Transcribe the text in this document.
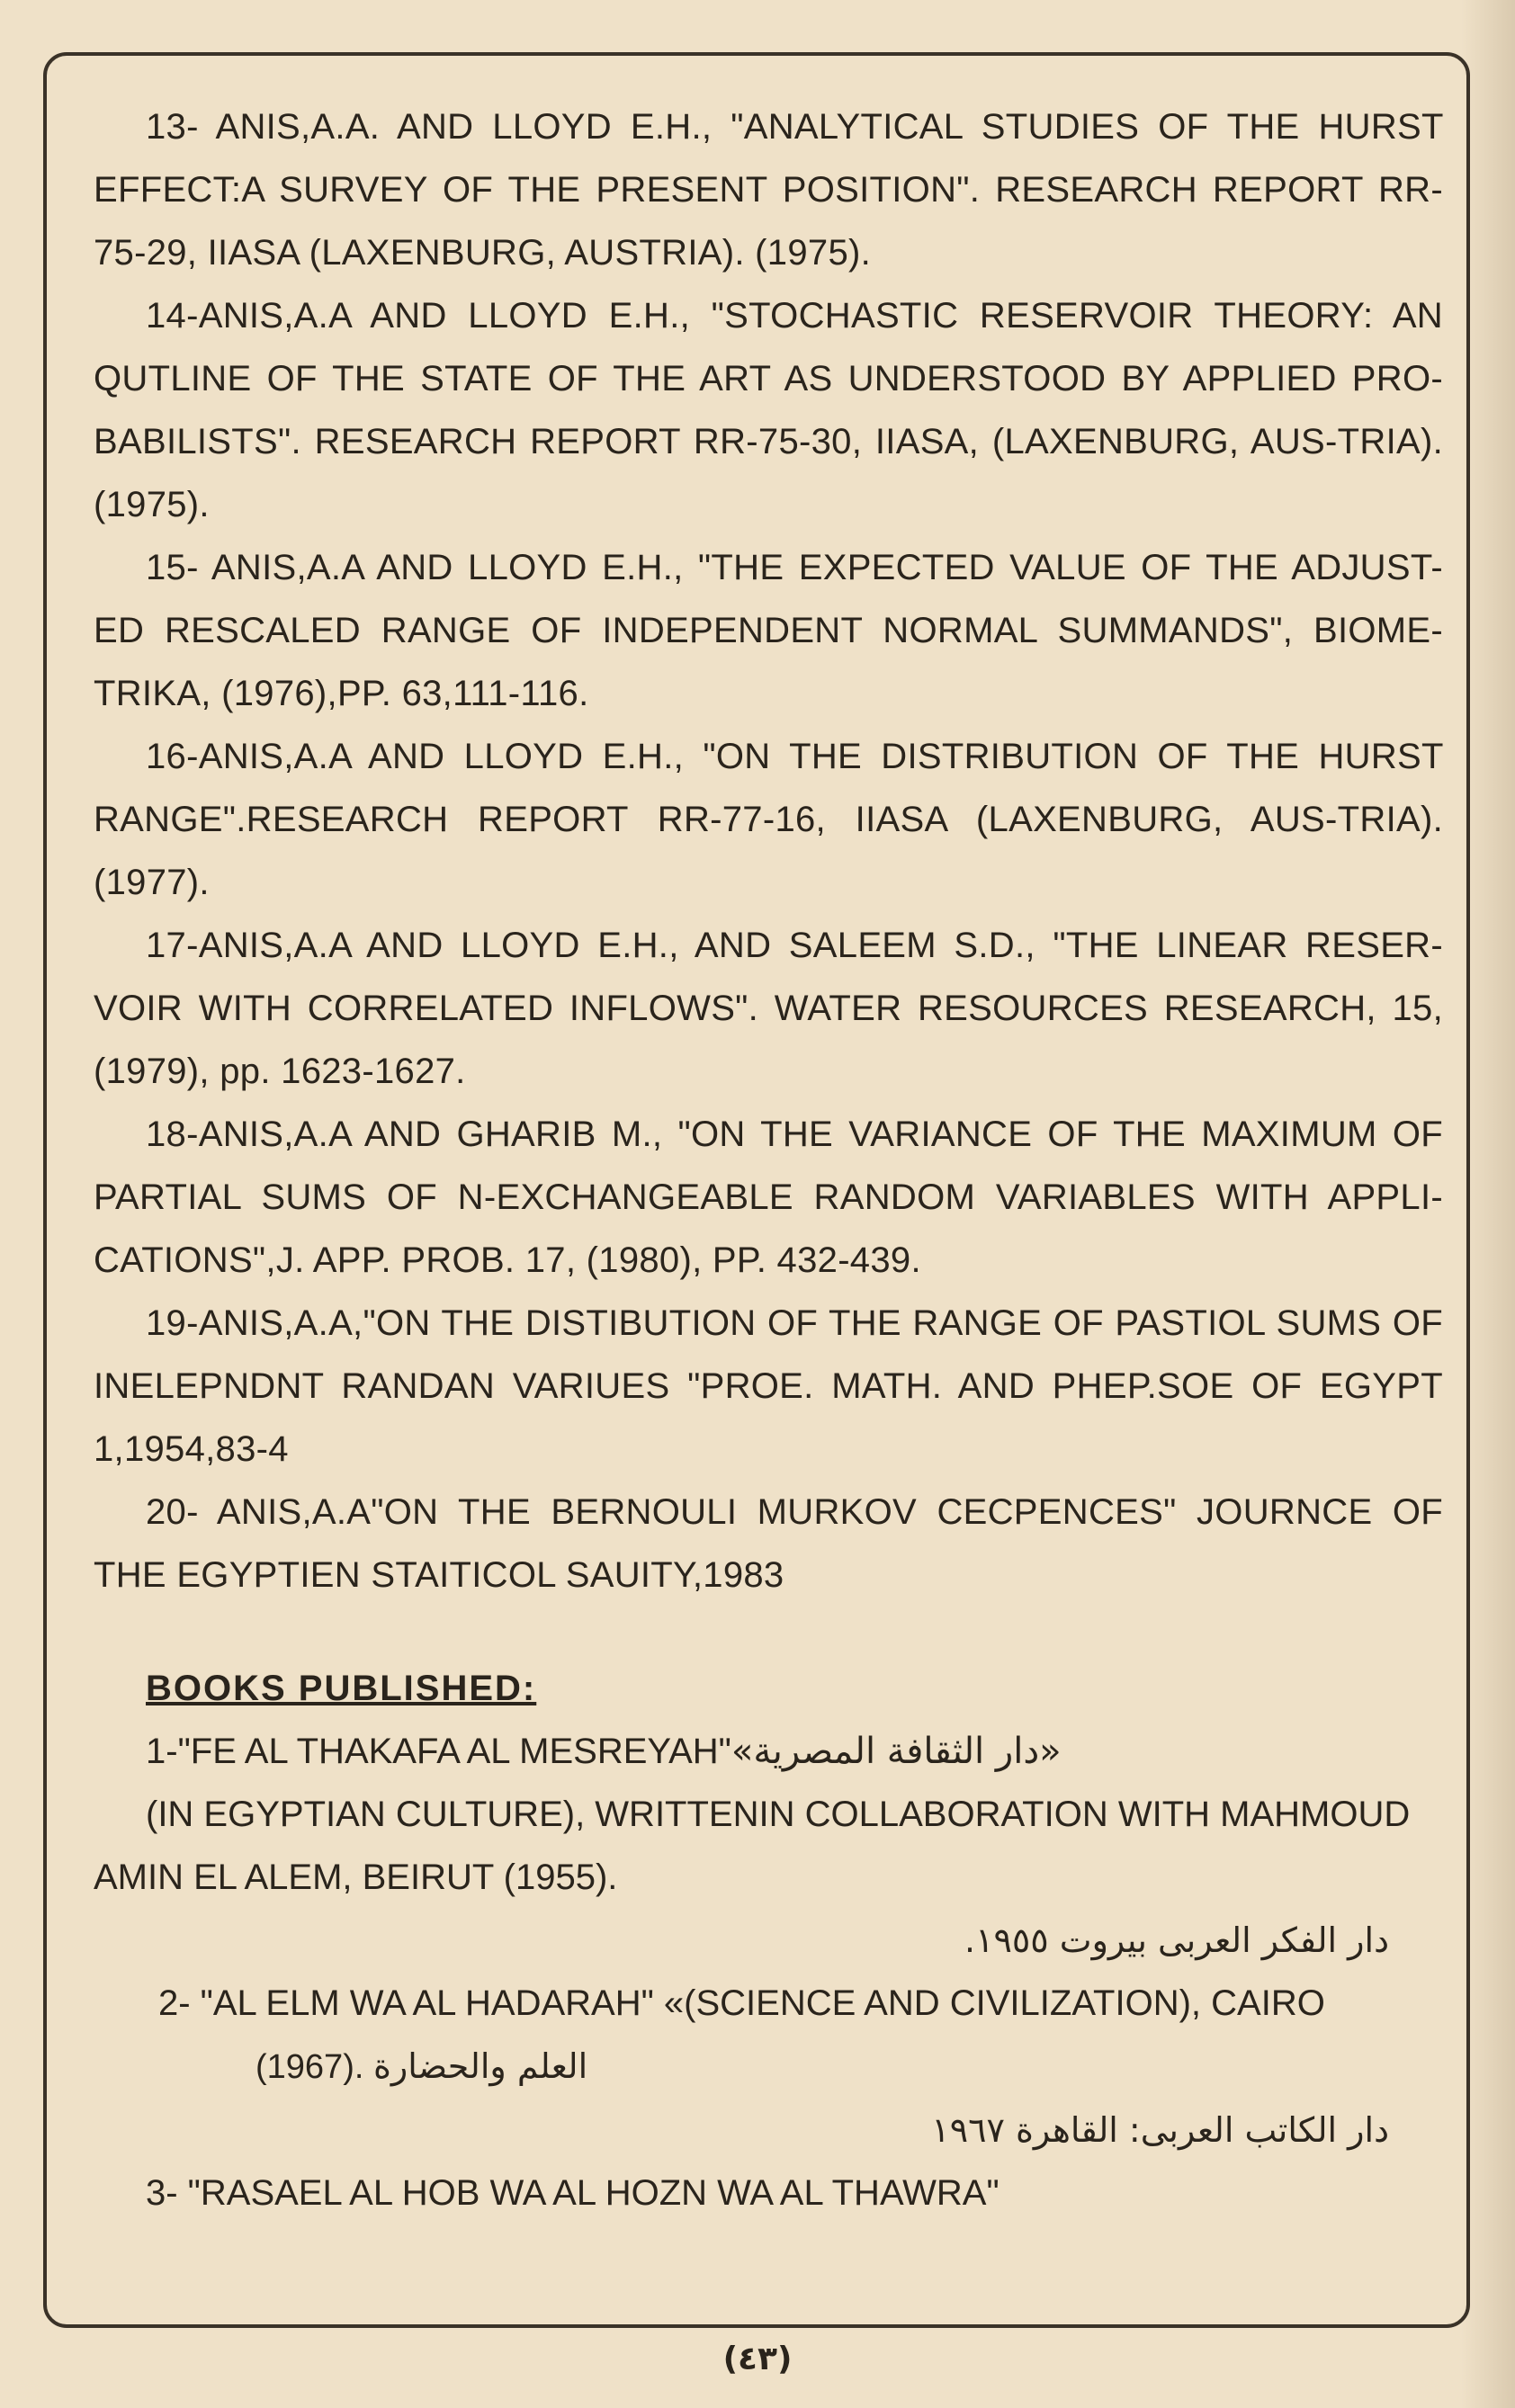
13- ANIS,A.A. AND LLOYD E.H., "ANALYTICAL STUDIES OF THE HURST EFFECT:A SURVEY OF THE PRESENT POSITION". RESEARCH REPORT RR-75-29, IIASA (LAXENBURG, AUSTRIA). (1975).

14-ANIS,A.A AND LLOYD E.H., "STOCHASTIC RESERVOIR THEORY: AN QUTLINE OF THE STATE OF THE ART AS UNDERSTOOD BY APPLIED PRO-BABILISTS". RESEARCH REPORT RR-75-30, IIASA, (LAXENBURG, AUS-TRIA). (1975).

15- ANIS,A.A AND LLOYD E.H., "THE EXPECTED VALUE OF THE ADJUST- ED RESCALED RANGE OF INDEPENDENT NORMAL SUMMANDS", BIOME-TRIKA, (1976),PP. 63,111-116.

16-ANIS,A.A AND LLOYD E.H., "ON THE DISTRIBUTION OF THE HURST RANGE".RESEARCH REPORT RR-77-16, IIASA (LAXENBURG, AUS-TRIA).(1977).

17-ANIS,A.A AND LLOYD E.H., AND SALEEM S.D., "THE LINEAR RESER- VOIR WITH CORRELATED INFLOWS". WATER RESOURCES RESEARCH, 15,(1979), pp. 1623-1627.

18-ANIS,A.A AND GHARIB M., "ON THE VARIANCE OF THE MAXIMUM OF PARTIAL SUMS OF N-EXCHANGEABLE RANDOM VARIABLES WITH APPLI-CATIONS",J. APP. PROB. 17, (1980), PP. 432-439.

19-ANIS,A.A,"ON THE DISTIBUTION OF THE RANGE OF PASTIOL SUMS OF INELEPNDNT RANDAN VARIUES "PROE. MATH. AND PHEP.SOE OF EGYPT 1,1954,83-4

20- ANIS,A.A"ON THE BERNOULI MURKOV CECPENCES" JOURNCE OF THE EGYPTIEN STAITICOL SAUITY,1983

BOOKS PUBLISHED:
1-"FE AL THAKAFA AL MESREYAH"«دار الثقافة المصرية»
(IN EGYPTIAN CULTURE), WRITTENIN COLLABORATION WITH MAHMOUD
AMIN EL ALEM, BEIRUT (1955).
دار الفكر العربى بيروت ١٩٥٥.
2- "AL ELM WA AL HADARAH" «(SCIENCE AND CIVILIZATION), CAIRO
(1967). العلم والحضارة
دار الكاتب العربى: القاهرة ١٩٦٧
3- "RASAEL AL HOB WA AL HOZN WA AL THAWRA"
(٤٣)
